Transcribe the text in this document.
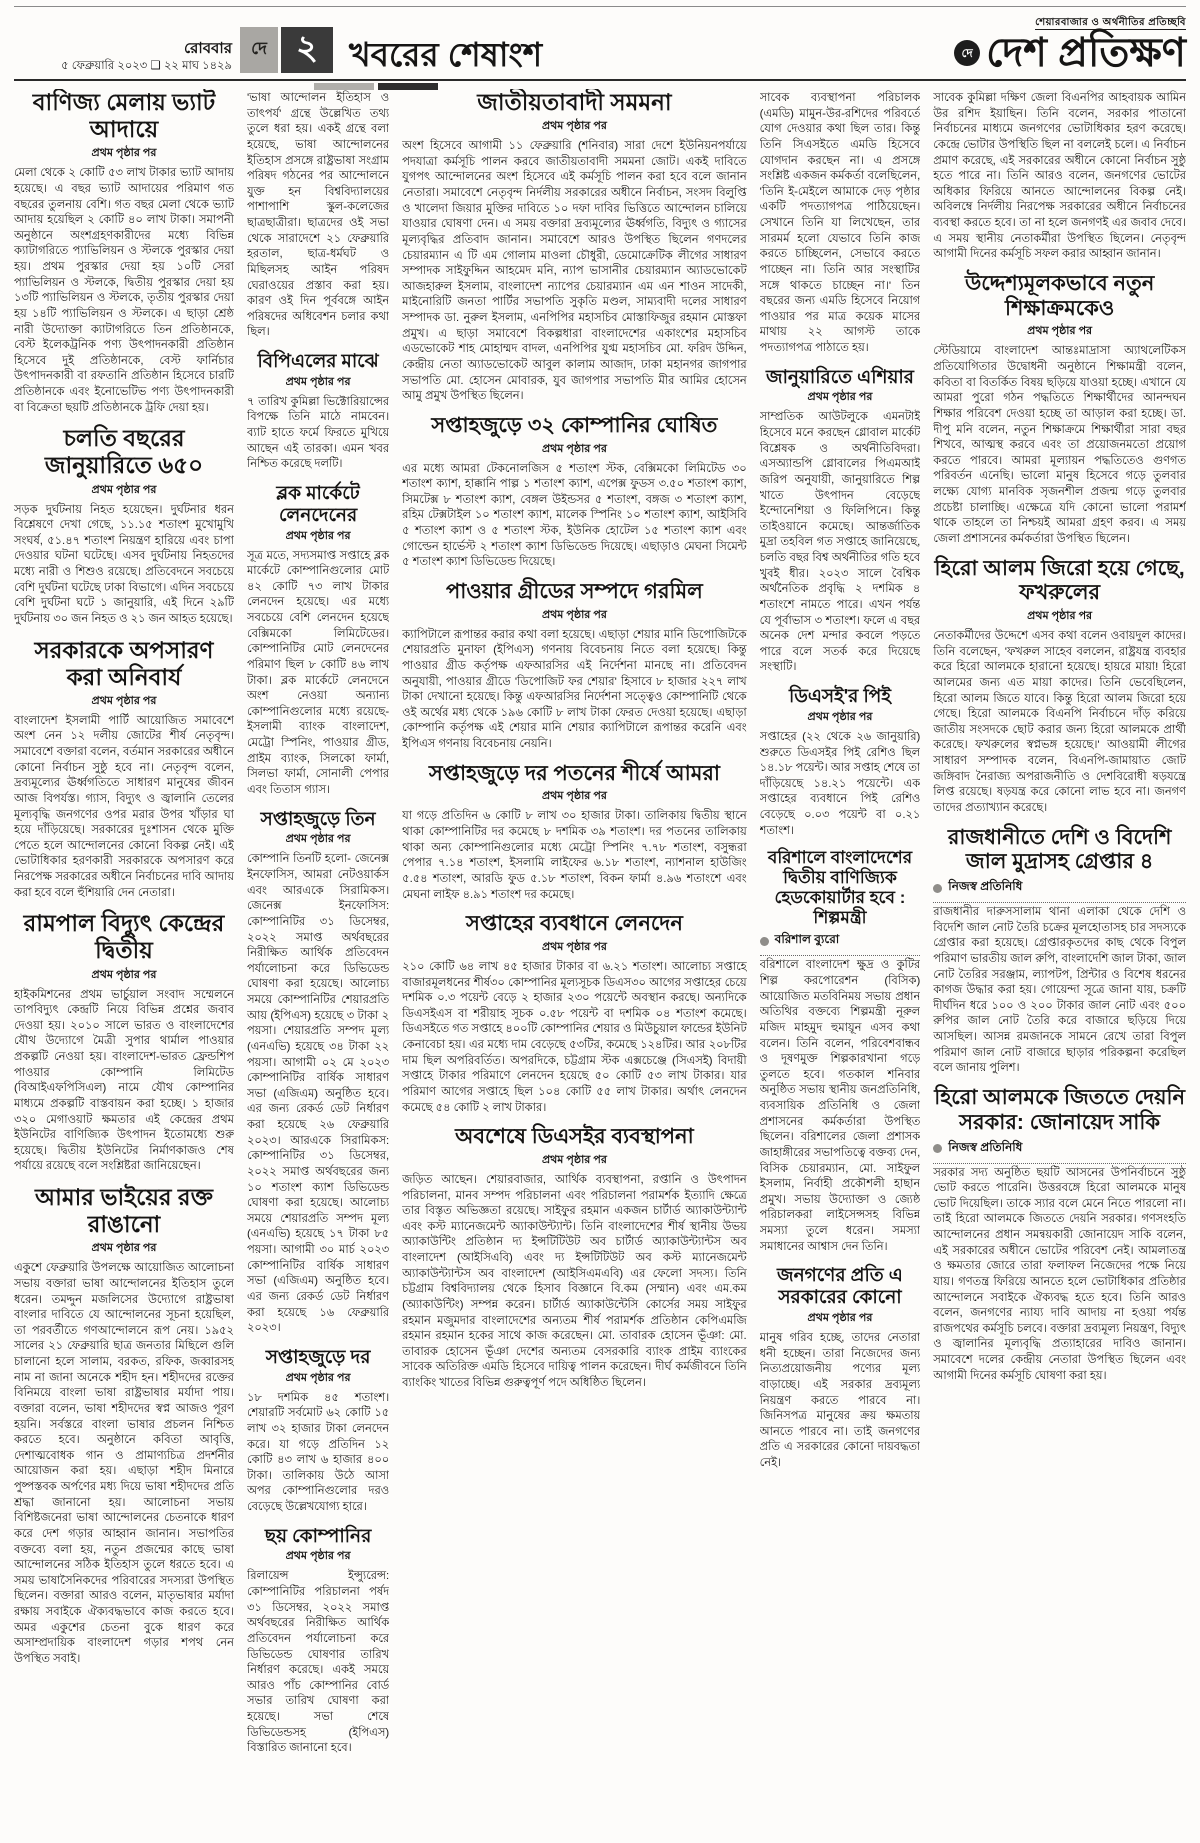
রোববার
৫ ফেব্রুয়ারি ২০২৩ ❑ ২২ মাঘ ১৪২৯
দে ২ খবরের শেষাংশ
শেয়ারবাজার ও অর্থনীতির প্রতিচ্ছবি
দে দেশ প্রতিক্ষণ
বাণিজ্য মেলায় ভ্যাট আদায়ে
প্রথম পৃষ্ঠার পর

মেলা থেকে ২ কোটি ৫৩ লাখ টাকার ভ্যাট আদায় হয়েছে। এ বছর ভ্যাট আদায়ের পরিমাণ গত বছরের তুলনায় বেশি। গত বছর মেলা থেকে ভ্যাট আদায় হয়েছিল ২ কোটি ৪০ লাখ টাকা। সমাপনী অনুষ্ঠানে অংশগ্রহণকারীদের মধ্যে বিভিন্ন ক্যাটাগরিতে প্যাভিলিয়ন ও স্টলকে পুরস্কার দেয়া হয়। প্রথম পুরস্কার দেয়া হয় ১০টি সেরা প্যাভিলিয়ন ও স্টলকে, দ্বিতীয় পুরস্কার দেয়া হয় ১৩টি প্যাভিলিয়ন ও স্টলকে, তৃতীয় পুরস্কার দেয়া হয় ১৪টি প্যাভিলিয়ন ও স্টলকে। এ ছাড়া শ্রেষ্ঠ নারী উদ্যোক্তা ক্যাটাগরিতে তিন প্রতিষ্ঠানকে, বেস্ট ইলেকট্রনিক পণ্য উৎপাদনকারী প্রতিষ্ঠান হিসেবে দুই প্রতিষ্ঠানকে, বেস্ট ফার্নিচার উৎপাদনকারী বা রফতানি প্রতিষ্ঠান হিসেবে চারটি প্রতিষ্ঠানকে এবং ইনোভেটিভ পণ্য উৎপাদনকারী বা বিক্রেতা ছয়টি প্রতিষ্ঠানকে ট্রফি দেয়া হয়।

চলতি বছরের জানুয়ারিতে ৬৫০
প্রথম পৃষ্ঠার পর

সড়ক দুর্ঘটনায় নিহত হয়েছেন। দুর্ঘটনার ধরন বিশ্লেষণে দেখা গেছে, ১১.১৫ শতাংশ মুখোমুখি সংঘর্ষ, ৫১.৪৭ শতাংশ নিয়ন্ত্রণ হারিয়ে এবং চাপা দেওয়ার ঘটনা ঘটেছে। এসব দুর্ঘটনায় নিহতদের মধ্যে নারী ও শিশুও রয়েছে। প্রতিবেদনে সবচেয়ে বেশি দুর্ঘটনা ঘটেছে ঢাকা বিভাগে। এদিন সবচেয়ে বেশি দুর্ঘটনা ঘটে ১ জানুয়ারি, এই দিনে ২৯টি দুর্ঘটনায় ৩০ জন নিহত ও ২১ জন আহত হয়েছে।

সরকারকে অপসারণ করা অনিবার্য
প্রথম পৃষ্ঠার পর

বাংলাদেশ ইসলামী পার্টি আয়োজিত সমাবেশে অংশ নেন ১২ দলীয় জোটের শীর্ষ নেতৃবৃন্দ। সমাবেশে বক্তারা বলেন, বর্তমান সরকারের অধীনে কোনো নির্বাচন সুষ্ঠু হবে না। নেতৃবৃন্দ বলেন, দ্রব্যমূল্যের ঊর্ধ্বগতিতে সাধারণ মানুষের জীবন আজ বিপর্যস্ত। গ্যাস, বিদ্যুৎ ও জ্বালানি তেলের মূল্যবৃদ্ধি জনগণের ওপর মরার উপর খাঁড়ার ঘা হয়ে দাঁড়িয়েছে। সরকারের দুঃশাসন থেকে মুক্তি পেতে হলে আন্দোলনের কোনো বিকল্প নেই। এই ভোটাধিকার হরণকারী সরকারকে অপসারণ করে নিরপেক্ষ সরকারের অধীনে নির্বাচনের দাবি আদায় করা হবে বলে হুঁশিয়ারি দেন নেতারা।

রামপাল বিদ্যুৎ কেন্দ্রের দ্বিতীয়
প্রথম পৃষ্ঠার পর

হাইকমিশনের প্রথম ভার্চুয়াল সংবাদ সম্মেলনে তাপবিদ্যুৎ কেন্দ্রটি নিয়ে বিভিন্ন প্রশ্নের জবাব দেওয়া হয়। ২০১০ সালে ভারত ও বাংলাদেশের যৌথ উদ্যোগে মৈত্রী সুপার থার্মাল পাওয়ার প্রকল্পটি নেওয়া হয়। বাংলাদেশ-ভারত ফ্রেন্ডশিপ পাওয়ার কোম্পানি লিমিটেড (বিআইএফপিসিএল) নামে যৌথ কোম্পানির মাধ্যমে প্রকল্পটি বাস্তবায়ন করা হচ্ছে। ১ হাজার ৩২০ মেগাওয়াট ক্ষমতার এই কেন্দ্রের প্রথম ইউনিটের বাণিজ্যিক উৎপাদন ইতোমধ্যে শুরু হয়েছে। দ্বিতীয় ইউনিটের নির্মাণকাজও শেষ পর্যায়ে রয়েছে বলে সংশ্লিষ্টরা জানিয়েছেন।

আমার ভাইয়ের রক্ত রাঙানো
প্রথম পৃষ্ঠার পর

একুশে ফেব্রুয়ারি উপলক্ষে আয়োজিত আলোচনা সভায় বক্তারা ভাষা আন্দোলনের ইতিহাস তুলে ধরেন। তমদ্দুন মজলিসের উদ্যোগে রাষ্ট্রভাষা বাংলার দাবিতে যে আন্দোলনের সূচনা হয়েছিল, তা পরবর্তীতে গণআন্দোলনে রূপ নেয়। ১৯৫২ সালের ২১ ফেব্রুয়ারি ছাত্র জনতার মিছিলে গুলি চালানো হলে সালাম, বরকত, রফিক, জব্বারসহ নাম না জানা অনেকে শহীদ হন। শহীদদের রক্তের বিনিময়ে বাংলা ভাষা রাষ্ট্রভাষার মর্যাদা পায়। বক্তারা বলেন, ভাষা শহীদদের স্বপ্ন আজও পূরণ হয়নি। সর্বস্তরে বাংলা ভাষার প্রচলন নিশ্চিত করতে হবে। অনুষ্ঠানে কবিতা আবৃত্তি, দেশাত্মবোধক গান ও প্রামাণ্যচিত্র প্রদর্শনীর আয়োজন করা হয়। এছাড়া শহীদ মিনারে পুষ্পস্তবক অর্পণের মধ্য দিয়ে ভাষা শহীদদের প্রতি শ্রদ্ধা জানানো হয়। আলোচনা সভায় বিশিষ্টজনেরা ভাষা আন্দোলনের চেতনাকে ধারণ করে দেশ গড়ার আহ্বান জানান। সভাপতির বক্তব্যে বলা হয়, নতুন প্রজন্মের কাছে ভাষা আন্দোলনের সঠিক ইতিহাস তুলে ধরতে হবে। এ সময় ভাষাসৈনিকদের পরিবারের সদস্যরা উপস্থিত ছিলেন। বক্তারা আরও বলেন, মাতৃভাষার মর্যাদা রক্ষায় সবাইকে ঐক্যবদ্ধভাবে কাজ করতে হবে। অমর একুশের চেতনা বুকে ধারণ করে অসাম্প্রদায়িক বাংলাদেশ গড়ার শপথ নেন উপস্থিত সবাই।

'ভাষা আন্দোলন ইতিহাস ও তাৎপর্য' গ্রন্থে উল্লেখিত তথ্য তুলে ধরা হয়। একই গ্রন্থে বলা হয়েছে, ভাষা আন্দোলনের ইতিহাস প্রসঙ্গে রাষ্ট্রভাষা সংগ্রাম পরিষদ গঠনের পর আন্দোলনে যুক্ত হন বিশ্ববিদ্যালয়ের পাশাপাশি স্কুল-কলেজের ছাত্রছাত্রীরা। ছাত্রদের ওই সভা থেকে সারাদেশে ২১ ফেব্রুয়ারি হরতাল, ছাত্র-ধর্মঘট ও মিছিলসহ আইন পরিষদ ঘেরাওয়ের প্রস্তাব করা হয়। কারণ ওই দিন পূর্ববঙ্গে আইন পরিষদের অধিবেশন চলার কথা ছিল।

বিপিএলের মাঝে
প্রথম পৃষ্ঠার পর

৭ তারিখ কুমিল্লা ভিক্টোরিয়ান্সের বিপক্ষে তিনি মাঠে নামবেন। ব্যাট হাতে ফর্মে ফিরতে মুখিয়ে আছেন এই তারকা। এমন খবর নিশ্চিত করেছে দলটি।

ব্লক মার্কেটে লেনদেনের
প্রথম পৃষ্ঠার পর

সূত্র মতে, সদ্যসমাপ্ত সপ্তাহে ব্লক মার্কেটে কোম্পানিগুলোর মোট ৪২ কোটি ৭৩ লাখ টাকার লেনদেন হয়েছে। এর মধ্যে সবচেয়ে বেশি লেনদেন হয়েছে বেক্সিমকো লিমিটেডের। কোম্পানিটির মোট লেনদেনের পরিমাণ ছিল ৮ কোটি ৪৬ লাখ টাকা। ব্লক মার্কেটে লেনদেনে অংশ নেওয়া অন্যান্য কোম্পানিগুলোর মধ্যে রয়েছে- ইসলামী ব্যাংক বাংলাদেশ, মেট্রো স্পিনিং, পাওয়ার গ্রীড, প্রাইম ব্যাংক, সিলকো ফার্মা, সিলভা ফার্মা, সোনালী পেপার এবং তিতাস গ্যাস।

সপ্তাহজুড়ে তিন
প্রথম পৃষ্ঠার পর

কোম্পানি তিনটি হলো- জেনেক্স ইনফোসিস, আমরা নেটওয়ার্কস এবং আরএকে সিরামিকস। জেনেক্স ইনফোসিস: কোম্পানিটির ৩১ ডিসেম্বর, ২০২২ সমাপ্ত অর্থবছরের নিরীক্ষিত আর্থিক প্রতিবেদন পর্যালোচনা করে ডিভিডেন্ড ঘোষণা করা হয়েছে। আলোচ্য সময়ে কোম্পানিটির শেয়ারপ্রতি আয় (ইপিএস) হয়েছে ৩ টাকা ২ পয়সা। শেয়ারপ্রতি সম্পদ মূল্য (এনএভি) হয়েছে ৩৪ টাকা ২২ পয়সা। আগামী ০২ মে ২০২৩ কোম্পানিটির বার্ষিক সাধারণ সভা (এজিএম) অনুষ্ঠিত হবে। এর জন্য রেকর্ড ডেট নির্ধারণ করা হয়েছে ২৬ ফেব্রুয়ারি ২০২৩। আরএকে সিরামিকস: কোম্পানিটির ৩১ ডিসেম্বর, ২০২২ সমাপ্ত অর্থবছরের জন্য ১০ শতাংশ ক্যাশ ডিভিডেন্ড ঘোষণা করা হয়েছে। আলোচ্য সময়ে শেয়ারপ্রতি সম্পদ মূল্য (এনএভি) হয়েছে ১৭ টাকা ৮৫ পয়সা। আগামী ৩০ মার্চ ২০২৩ কোম্পানিটির বার্ষিক সাধারণ সভা (এজিএম) অনুষ্ঠিত হবে। এর জন্য রেকর্ড ডেট নির্ধারণ করা হয়েছে ১৬ ফেব্রুয়ারি ২০২৩।

সপ্তাহজুড়ে দর
প্রথম পৃষ্ঠার পর

১৮ দশমিক ৪৫ শতাংশ। শেয়ারটি সর্বমোট ৬২ কোটি ১৫ লাখ ৩২ হাজার টাকা লেনদেন করে। যা গড়ে প্রতিদিন ১২ কোটি ৪৩ লাখ ৬ হাজার ৪০০ টাকা। তালিকায় উঠে আসা অপর কোম্পানিগুলোর দরও বেড়েছে উল্লেখযোগ্য হারে।

ছয় কোম্পানির
প্রথম পৃষ্ঠার পর

রিলায়েন্স ইন্স্যুরেন্স: কোম্পানিটির পরিচালনা পর্ষদ ৩১ ডিসেম্বর, ২০২২ সমাপ্ত অর্থবছরের নিরীক্ষিত আর্থিক প্রতিবেদন পর্যালোচনা করে ডিভিডেন্ড ঘোষণার তারিখ নির্ধারণ করেছে। একই সময়ে আরও পাঁচ কোম্পানির বোর্ড সভার তারিখ ঘোষণা করা হয়েছে। সভা শেষে ডিভিডেন্ডসহ (ইপিএস) বিস্তারিত জানানো হবে।

জাতীয়তাবাদী সমমনা
প্রথম পৃষ্ঠার পর

অংশ হিসেবে আগামী ১১ ফেব্রুয়ারি (শনিবার) সারা দেশে ইউনিয়নপর্যায়ে পদযাত্রা কর্মসূচি পালন করবে জাতীয়তাবাদী সমমনা জোট। একই দাবিতে যুগপৎ আন্দোলনের অংশ হিসেবে এই কর্মসূচি পালন করা হবে বলে জানান নেতারা। সমাবেশে নেতৃবৃন্দ নির্দলীয় সরকারের অধীনে নির্বাচন, সংসদ বিলুপ্তি ও খালেদা জিয়ার মুক্তির দাবিতে ১০ দফা দাবির ভিত্তিতে আন্দোলন চালিয়ে যাওয়ার ঘোষণা দেন। এ সময় বক্তারা দ্রব্যমূল্যের ঊর্ধ্বগতি, বিদ্যুৎ ও গ্যাসের মূল্যবৃদ্ধির প্রতিবাদ জানান। সমাবেশে আরও উপস্থিত ছিলেন গণদলের চেয়ারম্যান এ টি এম গোলাম মাওলা চৌধুরী, ডেমোক্রেটিক লীগের সাধারণ সম্পাদক সাইফুদ্দিন আহমেদ মনি, ন্যাপ ভাসানীর চেয়ারম্যান অ্যাডভোকেট আজহারুল ইসলাম, বাংলাদেশ ন্যাপের চেয়ারম্যান এম এন শাওন সাদেকী, মাইনোরিটি জনতা পার্টির সভাপতি সুকৃতি মণ্ডল, সাম্যবাদী দলের সাধারণ সম্পাদক ডা. নুরুল ইসলাম, এনপিপির মহাসচিব মোস্তাফিজুর রহমান মোস্তফা প্রমুখ। এ ছাড়া সমাবেশে বিকল্পধারা বাংলাদেশের একাংশের মহাসচিব এডভোকেট শাহ মোহাম্মদ বাদল, এনপিপির যুগ্ম মহাসচিব মো. ফরিদ উদ্দিন, কেন্দ্রীয় নেতা অ্যাডভোকেট আবুল কালাম আজাদ, ঢাকা মহানগর জাগপার সভাপতি মো. হোসেন মোবারক, যুব জাগপার সভাপতি মীর আমির হোসেন আমু প্রমুখ উপস্থিত ছিলেন।

সপ্তাহজুড়ে ৩২ কোম্পানির ঘোষিত
প্রথম পৃষ্ঠার পর

এর মধ্যে আমরা টেকনোলজিস ৫ শতাংশ স্টক, বেক্সিমকো লিমিটেড ৩০ শতাংশ ক্যাশ, হাক্কানি পাল্প ১ শতাংশ ক্যাশ, এপেক্স ফুডস ৩.৫০ শতাংশ ক্যাশ, সিমটেক্স ৮ শতাংশ ক্যাশ, বেঙ্গল উইন্ডসর ৫ শতাংশ, বঙ্গজ ৩ শতাংশ ক্যাশ, রহিম টেক্সটাইল ১০ শতাংশ ক্যাশ, মালেক স্পিনিং ১০ শতাংশ ক্যাশ, আইসিবি ৫ শতাংশ ক্যাশ ও ৫ শতাংশ স্টক, ইউনিক হোটেল ১৫ শতাংশ ক্যাশ এবং গোল্ডেন হার্ভেস্ট ২ শতাংশ ক্যাশ ডিভিডেন্ড দিয়েছে। এছাড়াও মেঘনা সিমেন্ট ৫ শতাংশ ক্যাশ ডিভিডেন্ড দিয়েছে।

পাওয়ার গ্রীডের সম্পদে গরমিল
প্রথম পৃষ্ঠার পর

ক্যাপিটালে রূপান্তর করার কথা বলা হয়েছে। এছাড়া শেয়ার মানি ডিপোজিটকে শেয়ারপ্রতি মুনাফা (ইপিএস) গণনায় বিবেচনায় নিতে বলা হয়েছে। কিন্তু পাওয়ার গ্রীড কর্তৃপক্ষ এফআরসির এই নির্দেশনা মানছে না। প্রতিবেদন অনুযায়ী, পাওয়ার গ্রীডে 'ডিপোজিট ফর শেয়ার' হিসাবে ৮ হাজার ২২৭ লাখ টাকা দেখানো হয়েছে। কিন্তু এফআরসির নির্দেশনা সত্ত্বেও কোম্পানিটি থেকে ওই অর্থের মধ্য থেকে ১৯৬ কোটি ৮ লাখ টাকা ফেরত দেওয়া হয়েছে। এছাড়া কোম্পানি কর্তৃপক্ষ এই শেয়ার মানি শেয়ার ক্যাপিটালে রূপান্তর করেনি এবং ইপিএস গণনায় বিবেচনায় নেয়নি।

সপ্তাহজুড়ে দর পতনের শীর্ষে আমরা
প্রথম পৃষ্ঠার পর

যা গড়ে প্রতিদিন ৬ কোটি ৮ লাখ ৩০ হাজার টাকা। তালিকায় দ্বিতীয় স্থানে থাকা কোম্পানিটির দর কমেছে ৮ দশমিক ৩৯ শতাংশ। দর পতনের তালিকায় থাকা অন্য কোম্পানিগুলোর মধ্যে মেট্রো স্পিনিং ৭.৭৮ শতাংশ, বসুন্ধরা পেপার ৭.১৪ শতাংশ, ইসলামি লাইফের ৬.১৮ শতাংশ, ন্যাশনাল হাউজিং ৫.৫৪ শতাংশ, আরডি ফুড ৫.১৮ শতাংশ, বিকন ফার্মা ৪.৯৬ শতাংশে এবং মেঘনা লাইফ ৪.৯১ শতাংশ দর কমেছে।

সপ্তাহের ব্যবধানে লেনদেন
প্রথম পৃষ্ঠার পর

২১০ কোটি ৬৪ লাখ ৪৫ হাজার টাকার বা ৬.২১ শতাংশ। আলোচ্য সপ্তাহে বাজারমূলধনের শীর্ষ৩০ কোম্পানির মূল্যসূচক ডিএস৩০ আগের সপ্তাহের চেয়ে দশমিক ০.৩ পয়েন্ট বেড়ে ২ হাজার ২৩০ পয়েন্টে অবস্থান করছে। অন্যদিকে ডিএসইএস বা শরীয়াহ সূচক ০.৫৮ পয়েন্ট বা দশমিক ০৪ শতাংশ কমেছে। ডিএসইতে গত সপ্তাহে ৪০০টি কোম্পানির শেয়ার ও মিউচুয়াল ফান্ডের ইউনিট কেনাবেচা হয়। এর মধ্যে দাম বেড়েছে ৫৩টির, কমেছে ১২৪টির। আর ২০৮টির দাম ছিল অপরিবর্তিত। অপরদিকে, চট্টগ্রাম স্টক এক্সচেঞ্জে (সিএসই) বিদায়ী সপ্তাহে টাকার পরিমাণে লেনদেন হয়েছে ৫০ কোটি ৫৩ লাখ টাকার। যার পরিমাণ আগের সপ্তাহে ছিল ১০৪ কোটি ৫৫ লাখ টাকার। অর্থাৎ লেনদেন কমেছে ৫৪ কোটি ২ লাখ টাকার।

অবশেষে ডিএসইর ব্যবস্থাপনা
প্রথম পৃষ্ঠার পর

জড়িত আছেন। শেয়ারবাজার, আর্থিক ব্যবস্থাপনা, রপ্তানি ও উৎপাদন পরিচালনা, মানব সম্পদ পরিচালনা এবং পরিচালনা পরামর্শক ইত্যাদি ক্ষেত্রে তার বিস্তৃত অভিজ্ঞতা রয়েছে। সাইফুর রহমান একজন চার্টার্ড অ্যাকাউন্ট্যান্ট এবং কস্ট ম্যানেজমেন্ট অ্যাকাউন্ট্যান্ট। তিনি বাংলাদেশের শীর্ষ স্থানীয় উভয় অ্যাকাউন্টিং প্রতিষ্ঠান দ্য ইন্সটিটিউট অব চার্টার্ড অ্যাকাউন্ট্যান্টস অব বাংলাদেশ (আইসিএবি) এবং দ্য ইন্সটিটিউট অব কস্ট ম্যানেজমেন্ট অ্যাকাউন্ট্যান্টস অব বাংলাদেশ (আইসিএমএবি) এর ফেলো সদস্য। তিনি চট্টগ্রাম বিশ্ববিদ্যালয় থেকে হিসাব বিজ্ঞানে বি.কম (সম্মান) এবং এম.কম (অ্যাকাউন্টিং) সম্পন্ন করেন। চার্টার্ড অ্যাকাউন্টেসি কোর্সের সময় সাইফুর রহমান মজুমদার বাংলাদেশের অন্যতম শীর্ষ পরামর্শক প্রতিষ্ঠান কেপিএমজি রহমান রহমান হকের সাথে কাজ করেছেন। মো. তাবারক হোসেন ভূঁঞা: মো. তাবারক হোসেন ভূঁঞা দেশের অন্যতম বেসরকারি ব্যাংক প্রাইম ব্যাংকের সাবেক অতিরিক্ত এমডি হিসেবে দায়িত্ব পালন করেছেন। দীর্ঘ কর্মজীবনে তিনি ব্যাংকিং খাতের বিভিন্ন গুরুত্বপূর্ণ পদে অধিষ্ঠিত ছিলেন।

সাবেক ব্যবস্থাপনা পরিচালক (এমডি) মামুন-উর-রশিদের পরিবর্তে যোগ দেওয়ার কথা ছিল তার। কিন্তু তিনি সিএসইতে এমডি হিসেবে যোগদান করছেন না। এ প্রসঙ্গে সংশ্লিষ্ট একজন কর্মকর্তা বলেছিলেন, 'তিনি ই-মেইলে আমাকে দেড় পৃষ্ঠার একটি পদত্যাগপত্র পাঠিয়েছেন। সেখানে তিনি যা লিখেছেন, তার সারমর্ম হলো যেভাবে তিনি কাজ করতে চাচ্ছিলেন, সেভাবে করতে পাচ্ছেন না। তিনি আর সংস্থাটির সঙ্গে থাকতে চাচ্ছেন না।' তিন বছরের জন্য এমডি হিসেবে নিয়োগ পাওয়ার পর মাত্র কয়েক মাসের মাথায় ২২ আগস্ট তাকে পদত্যাগপত্র পাঠাতে হয়।

জানুয়ারিতে এশিয়ার
প্রথম পৃষ্ঠার পর

সাম্প্রতিক আউটলুকে এমনটাই হিসেবে মনে করছেন গ্লোবাল মার্কেট বিশ্লেষক ও অর্থনীতিবিদরা। এসঅ্যান্ডপি গ্লোবালের পিএমআই জরিপ অনুযায়ী, জানুয়ারিতে শিল্প খাতে উৎপাদন বেড়েছে ইন্দোনেশিয়া ও ফিলিপিনে। কিন্তু তাইওয়ানে কমেছে। আন্তর্জাতিক মুদ্রা তহবিল গত সপ্তাহে জানিয়েছে, চলতি বছর বিশ্ব অর্থনীতির গতি হবে খুবই ধীর। ২০২৩ সালে বৈশ্বিক অর্থনৈতিক প্রবৃদ্ধি ২ দশমিক ৪ শতাংশে নামতে পারে। এখন পর্যন্ত যে পূর্বাভাস ৩ শতাংশ। ফলে এ বছর অনেক দেশ মন্দার কবলে পড়তে পারে বলে সতর্ক করে দিয়েছে সংস্থাটি।

ডিএসই'র পিই
প্রথম পৃষ্ঠার পর

সপ্তাহের (২২ থেকে ২৬ জানুয়ারি) শুরুতে ডিএসইর পিই রেশিও ছিল ১৪.১৮ পয়েন্ট। আর সপ্তাহ শেষে তা দাঁড়িয়েছে ১৪.২১ পয়েন্টে। এক সপ্তাহের ব্যবধানে পিই রেশিও বেড়েছে ০.০৩ পয়েন্ট বা ০.২১ শতাংশ।

বরিশালে বাংলাদেশের দ্বিতীয় বাণিজ্যিক হেডকোয়ার্টার হবে : শিল্পমন্ত্রী
বরিশাল ব্যুরো

বরিশালে বাংলাদেশ ক্ষুদ্র ও কুটির শিল্প করপোরেশন (বিসিক) আয়োজিত মতবিনিময় সভায় প্রধান অতিথির বক্তব্যে শিল্পমন্ত্রী নূরুল মজিদ মাহমুদ হুমায়ূন এসব কথা বলেন। তিনি বলেন, পরিবেশবান্ধব ও দূষণমুক্ত শিল্পকারখানা গড়ে তুলতে হবে। গতকাল শনিবার অনুষ্ঠিত সভায় স্থানীয় জনপ্রতিনিধি, ব্যবসায়িক প্রতিনিধি ও জেলা প্রশাসনের কর্মকর্তারা উপস্থিত ছিলেন। বরিশালের জেলা প্রশাসক জাহাঙ্গীরের সভাপতিত্বে বক্তব্য দেন, বিসিক চেয়ারম্যান, মো. সাইফুল ইসলাম, নির্বাহী প্রকৌশলী হাছান প্রমুখ। সভায় উদ্যোক্তা ও জ্যেষ্ঠ পরিচালকরা লাইসেন্সসহ বিভিন্ন সমস্যা তুলে ধরেন। সমস্যা সমাধানের আশ্বাস দেন তিনি।

জনগণের প্রতি এ সরকারের কোনো
প্রথম পৃষ্ঠার পর

মানুষ গরিব হচ্ছে, তাদের নেতারা ধনী হচ্ছেন। তারা নিজেদের জন্য নিত্যপ্রয়োজনীয় পণ্যের মূল্য বাড়াচ্ছে। এই সরকার দ্রব্যমূল্য নিয়ন্ত্রণ করতে পারবে না। জিনিসপত্র মানুষের ক্রয় ক্ষমতায় আনতে পারবে না। তাই জনগণের প্রতি এ সরকারের কোনো দায়বদ্ধতা নেই।

সাবেক কুমিল্লা দক্ষিণ জেলা বিএনপির আহবায়ক আমিন উর রশিদ ইয়াছিন। তিনি বলেন, সরকার পাতানো নির্বাচনের মাধ্যমে জনগণের ভোটাধিকার হরণ করেছে। কেন্দ্রে ভোটার উপস্থিতি ছিল না বললেই চলে। এ নির্বাচন প্রমাণ করেছে, এই সরকারের অধীনে কোনো নির্বাচন সুষ্ঠু হতে পারে না। তিনি আরও বলেন, জনগণের ভোটের অধিকার ফিরিয়ে আনতে আন্দোলনের বিকল্প নেই। অবিলম্বে নির্দলীয় নিরপেক্ষ সরকারের অধীনে নির্বাচনের ব্যবস্থা করতে হবে। তা না হলে জনগণই এর জবাব দেবে। এ সময় স্থানীয় নেতাকর্মীরা উপস্থিত ছিলেন। নেতৃবৃন্দ আগামী দিনের কর্মসূচি সফল করার আহ্বান জানান।

উদ্দেশ্যমূলকভাবে নতুন শিক্ষাক্রমকেও
প্রথম পৃষ্ঠার পর

স্টেডিয়ামে বাংলাদেশ আন্তঃমাদ্রাসা অ্যাথলেটিকস প্রতিযোগিতার উদ্বোধনী অনুষ্ঠানে শিক্ষামন্ত্রী বলেন, কবিতা বা বিতর্কিত বিষয় ছড়িয়ে যাওয়া হচ্ছে। এখানে যে আমরা পুরো গঠন পদ্ধতিতে শিক্ষার্থীদের আনন্দঘন শিক্ষার পরিবেশ দেওয়া হচ্ছে তা আড়াল করা হচ্ছে। ডা. দীপু মনি বলেন, নতুন শিক্ষাক্রমে শিক্ষার্থীরা সারা বছর শিখবে, আত্মস্থ করবে এবং তা প্রয়োজনমতো প্রয়োগ করতে পারবে। আমরা মূল্যায়ন পদ্ধতিতেও গুণগত পরিবর্তন এনেছি। ভালো মানুষ হিসেবে গড়ে তুলবার লক্ষ্যে যোগ্য মানবিক সৃজনশীল প্রজন্ম গড়ে তুলবার প্রচেষ্টা চালাচ্ছি। এক্ষেত্রে যদি কোনো ভালো পরামর্শ থাকে তাহলে তা নিশ্চয়ই আমরা গ্রহণ করব। এ সময় জেলা প্রশাসনের কর্মকর্তারা উপস্থিত ছিলেন।

হিরো আলম জিরো হয়ে গেছে, ফখরুলের
প্রথম পৃষ্ঠার পর

নেতাকর্মীদের উদ্দেশে এসব কথা বলেন ওবায়দুল কাদের। তিনি বলেছেন, 'ফখরুল সাহেব বললেন, রাষ্ট্রযন্ত্র ব্যবহার করে হিরো আলমকে হারানো হয়েছে। হায়রে মায়া! হিরো আলমের জন্য এত মায়া কাদের। তিনি ভেবেছিলেন, হিরো আলম জিতে যাবে। কিন্তু হিরো আলম জিরো হয়ে গেছে। হিরো আলমকে বিএনপি নির্বাচনে দাঁড় করিয়ে জাতীয় সংসদকে ছোট করার জন্য হিরো আলমকে প্রার্থী করেছে। ফখরুলের স্বপ্নভঙ্গ হয়েছে।' আওয়ামী লীগের সাধারণ সম্পাদক বলেন, বিএনপি-জামায়াত জোট জঙ্গিবাদ নৈরাজ্য অপরাজনীতি ও দেশবিরোধী ষড়যন্ত্রে লিপ্ত রয়েছে। ষড়যন্ত্র করে কোনো লাভ হবে না। জনগণ তাদের প্রত্যাখ্যান করেছে।

রাজধানীতে দেশি ও বিদেশি জাল মুদ্রাসহ গ্রেপ্তার ৪
নিজস্ব প্রতিনিধি

রাজধানীর দারুসসালাম থানা এলাকা থেকে দেশি ও বিদেশি জাল নোট তৈরি চক্রের মূলহোতাসহ চার সদস্যকে গ্রেপ্তার করা হয়েছে। গ্রেপ্তারকৃতদের কাছ থেকে বিপুল পরিমাণ ভারতীয় জাল রুপি, বাংলাদেশি জাল টাকা, জাল নোট তৈরির সরঞ্জাম, ল্যাপটপ, প্রিন্টার ও বিশেষ ধরনের কাগজ উদ্ধার করা হয়। গোয়েন্দা সূত্রে জানা যায়, চক্রটি দীর্ঘদিন ধরে ১০০ ও ২০০ টাকার জাল নোট এবং ৫০০ রুপির জাল নোট তৈরি করে বাজারে ছড়িয়ে দিয়ে আসছিল। আসন্ন রমজানকে সামনে রেখে তারা বিপুল পরিমাণ জাল নোট বাজারে ছাড়ার পরিকল্পনা করেছিল বলে জানায় পুলিশ।

হিরো আলমকে জিততে দেয়নি সরকার: জোনায়েদ সাকি
নিজস্ব প্রতিনিধি

সরকার সদ্য অনুষ্ঠিত ছয়টি আসনের উপনির্বাচনে সুষ্ঠু ভোট করতে পারেনি। উত্তরবঙ্গে হিরো আলমকে মানুষ ভোট দিয়েছিল। তাকে স্যার বলে মেনে নিতে পারলো না। তাই হিরো আলমকে জিততে দেয়নি সরকার। গণসংহতি আন্দোলনের প্রধান সমন্বয়কারী জোনায়েদ সাকি বলেন, এই সরকারের অধীনে ভোটের পরিবেশ নেই। আমলাতন্ত্র ও ক্ষমতার জোরে তারা ফলাফল নিজেদের পক্ষে নিয়ে যায়। গণতন্ত্র ফিরিয়ে আনতে হলে ভোটাধিকার প্রতিষ্ঠার আন্দোলনে সবাইকে ঐক্যবদ্ধ হতে হবে। তিনি আরও বলেন, জনগণের ন্যায্য দাবি আদায় না হওয়া পর্যন্ত রাজপথের কর্মসূচি চলবে। বক্তারা দ্রব্যমূল্য নিয়ন্ত্রণ, বিদ্যুৎ ও জ্বালানির মূল্যবৃদ্ধি প্রত্যাহারের দাবিও জানান। সমাবেশে দলের কেন্দ্রীয় নেতারা উপস্থিত ছিলেন এবং আগামী দিনের কর্মসূচি ঘোষণা করা হয়।
